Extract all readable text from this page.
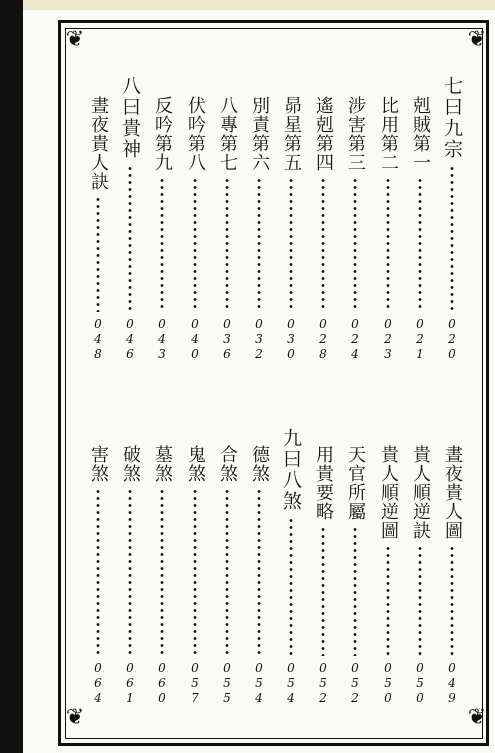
❦	❦
❦	❦
七曰九宗
020
剋賊第一
021
比用第二
023
涉害第三
024
遙剋第四
028
昴星第五
030
別責第六
032
八專第七
036
伏吟第八
040
反吟第九
043
八曰貴神
046
晝夜貴人訣
048
晝夜貴人圖
049
貴人順逆訣
050
貴人順逆圖
050
天官所屬
052
用貴要略
052
九曰八煞
054
德煞
054
合煞
055
鬼煞
057
墓煞
060
破煞
061
害煞
064
